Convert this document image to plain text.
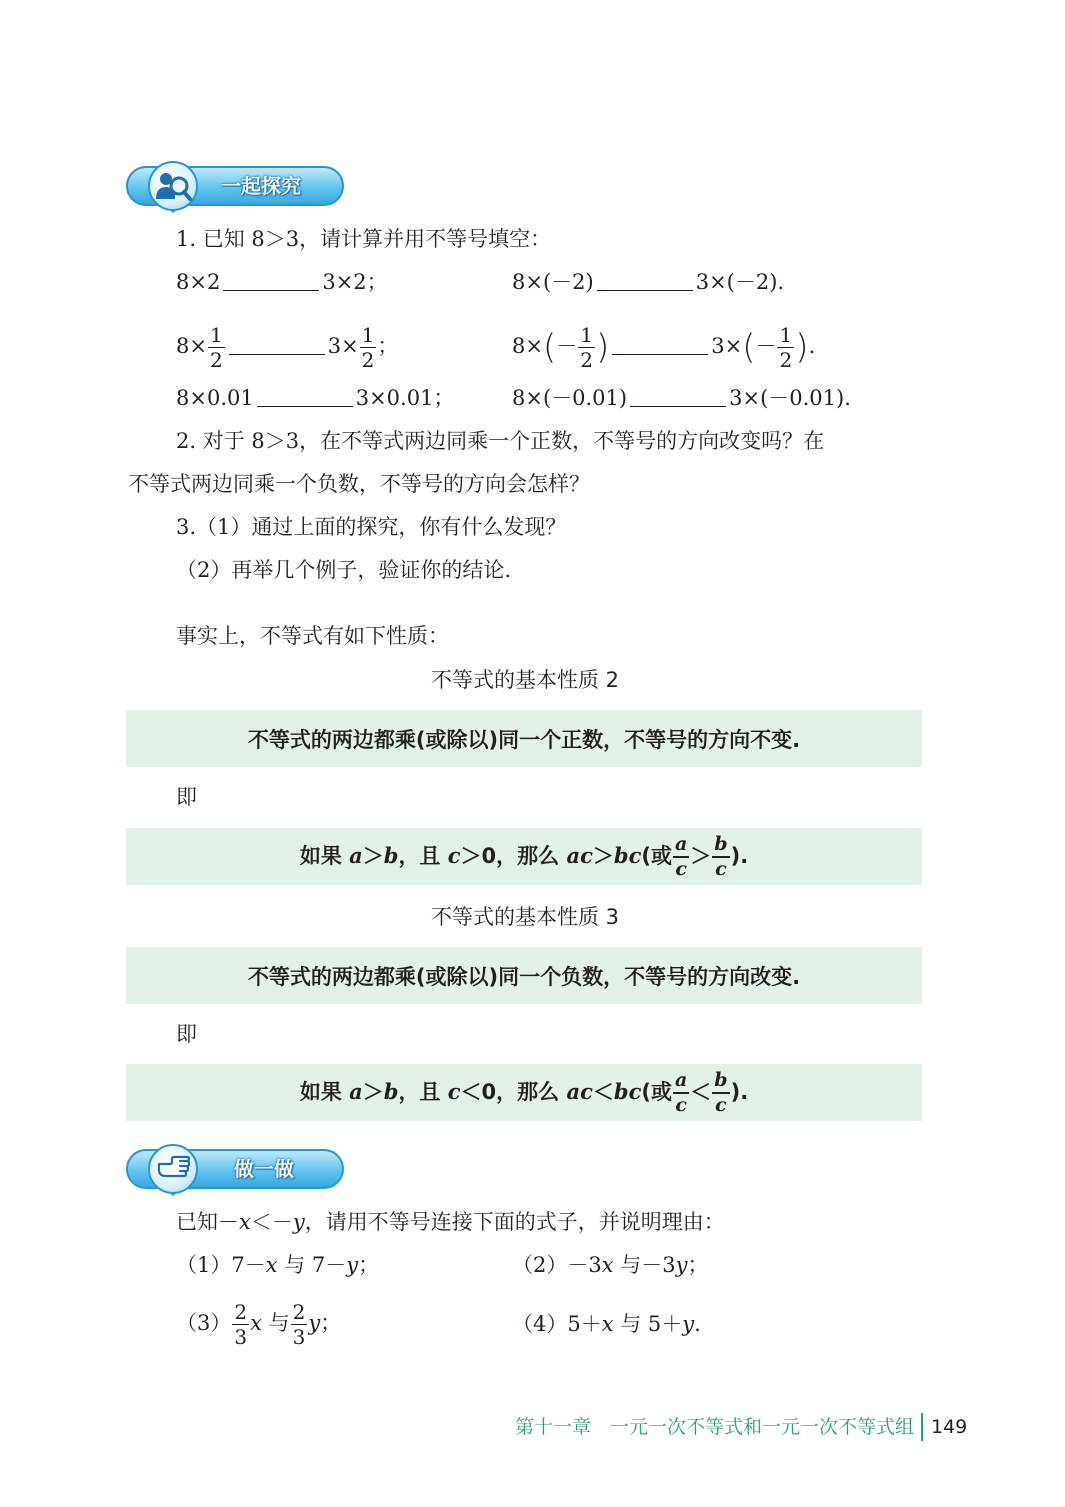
一起探究
1. 已知 8＞3，请计算并用不等号填空：
8×2	3×2；	8×(－2)	3×(－2).
$8\times \frac{1}{2}$	$3\times \frac{1}{2}$ ；	$8\times(- \frac{1}{2}$ )	$3\times(- \frac{1}{2}$ ).
8×0.01	3×0.01；	8×(－0.01)	3×(－0.01).
2. 对于 8＞3，在不等式两边同乘一个正数，不等号的方向改变吗？在
不等式两边同乘一个负数，不等号的方向会怎样？
3.（1）通过上面的探究，你有什么发现？
（2）再举几个例子，验证你的结论.
事实上，不等式有如下性质：
不等式的基本性质 2
不等式的两边都乘(或除以)同一个正数，不等号的方向不变.
即
如果 a＞b，且 c＞0，那么 ac＞bc(或 $\frac{a}{c} > \frac{b}{c}$ ).
不等式的基本性质 3
不等式的两边都乘(或除以)同一个负数，不等号的方向改变.
即
如果 a＞b，且 c＜0，那么 ac＜bc(或 $\frac{a}{c} < \frac{b}{c}$ ).
做一做
已知－x＜－y，请用不等号连接下面的式子，并说明理由：
（1）7－x 与 7－y；	（2）－3x 与－3y；
$(3) \frac{2}{3}$ x 与 $\frac{2}{3}$ y；	（4）5＋x 与 5＋y.
第十一章　一元一次不等式和一元一次不等式组 149
